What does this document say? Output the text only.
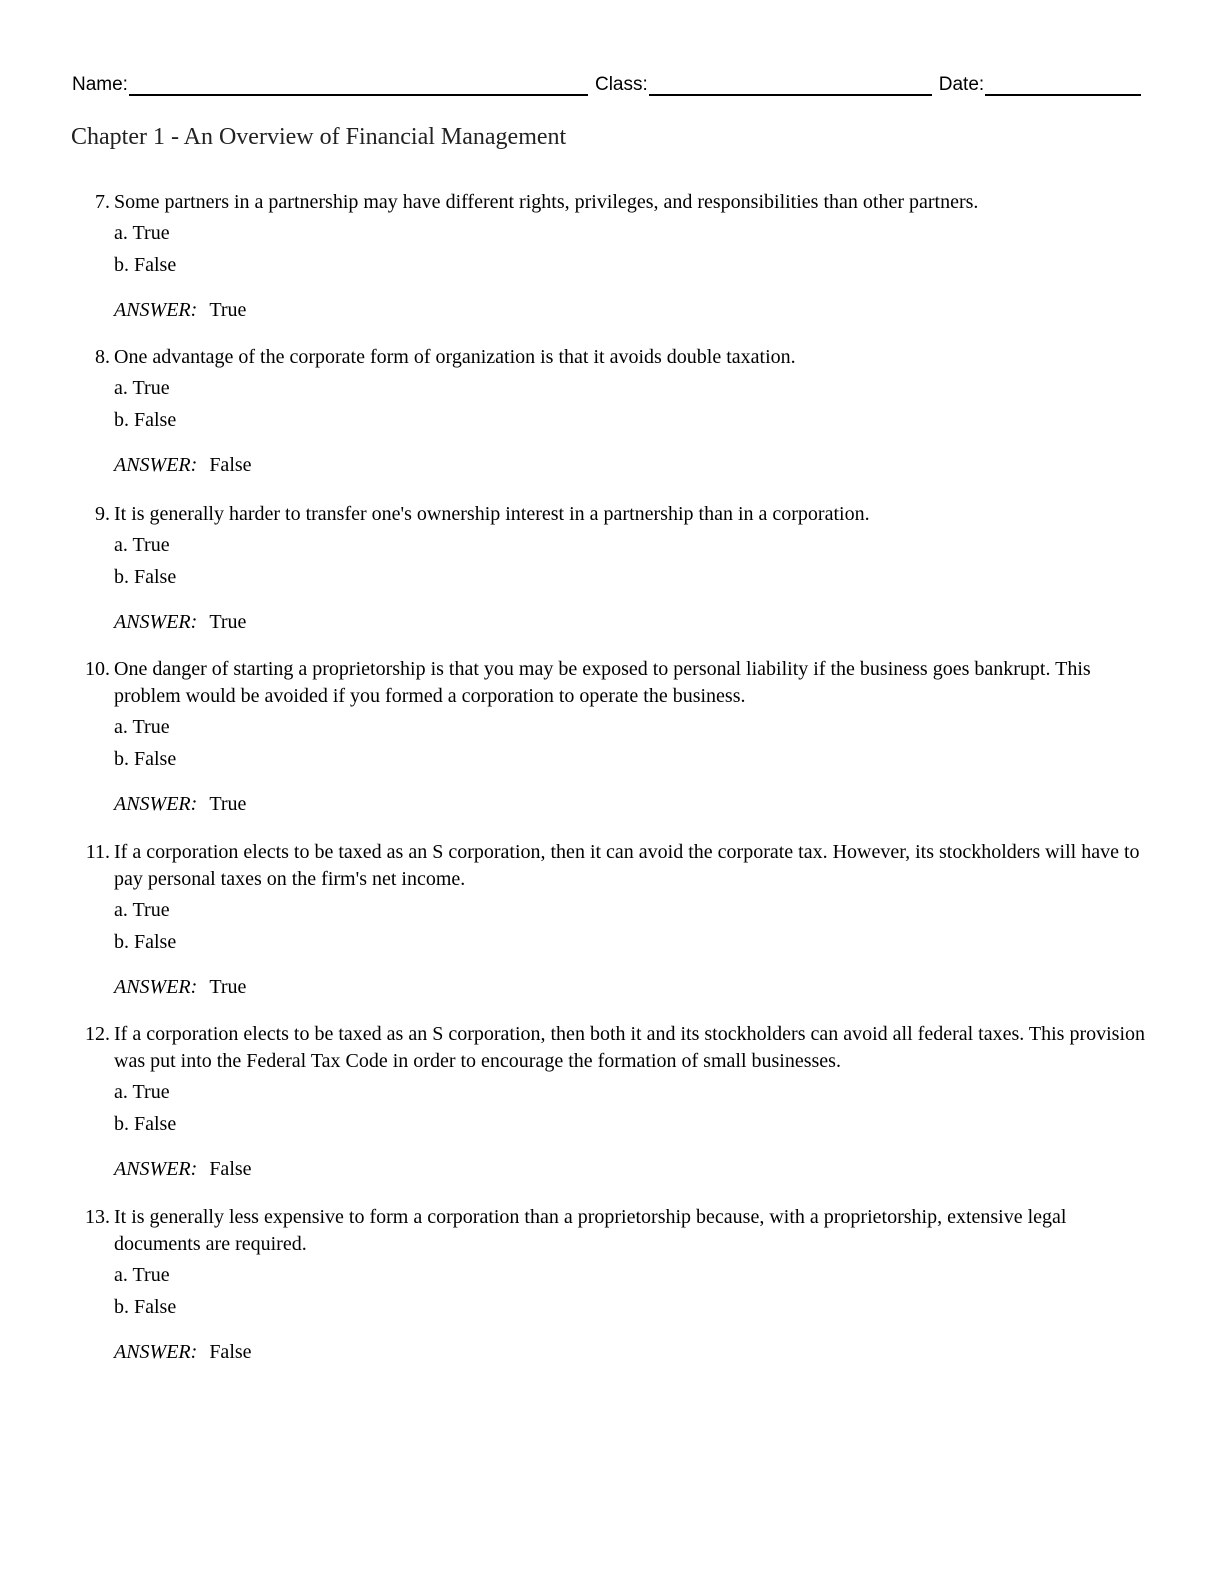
Name:	Class:	Date:
Chapter 1 - An Overview of Financial Management
7. Some partners in a partnership may have different rights, privileges, and responsibilities than other partners.
a. True
b. False
ANSWER: True
8. One advantage of the corporate form of organization is that it avoids double taxation.
a. True
b. False
ANSWER: False
9. It is generally harder to transfer one's ownership interest in a partnership than in a corporation.
a. True
b. False
ANSWER: True
10. One danger of starting a proprietorship is that you may be exposed to personal liability if the business goes bankrupt. This problem would be avoided if you formed a corporation to operate the business.
a. True
b. False
ANSWER: True
11. If a corporation elects to be taxed as an S corporation, then it can avoid the corporate tax. However, its stockholders will have to pay personal taxes on the firm's net income.
a. True
b. False
ANSWER: True
12. If a corporation elects to be taxed as an S corporation, then both it and its stockholders can avoid all federal taxes. This provision was put into the Federal Tax Code in order to encourage the formation of small businesses.
a. True
b. False
ANSWER: False
13. It is generally less expensive to form a corporation than a proprietorship because, with a proprietorship, extensive legal documents are required.
a. True
b. False
ANSWER: False
